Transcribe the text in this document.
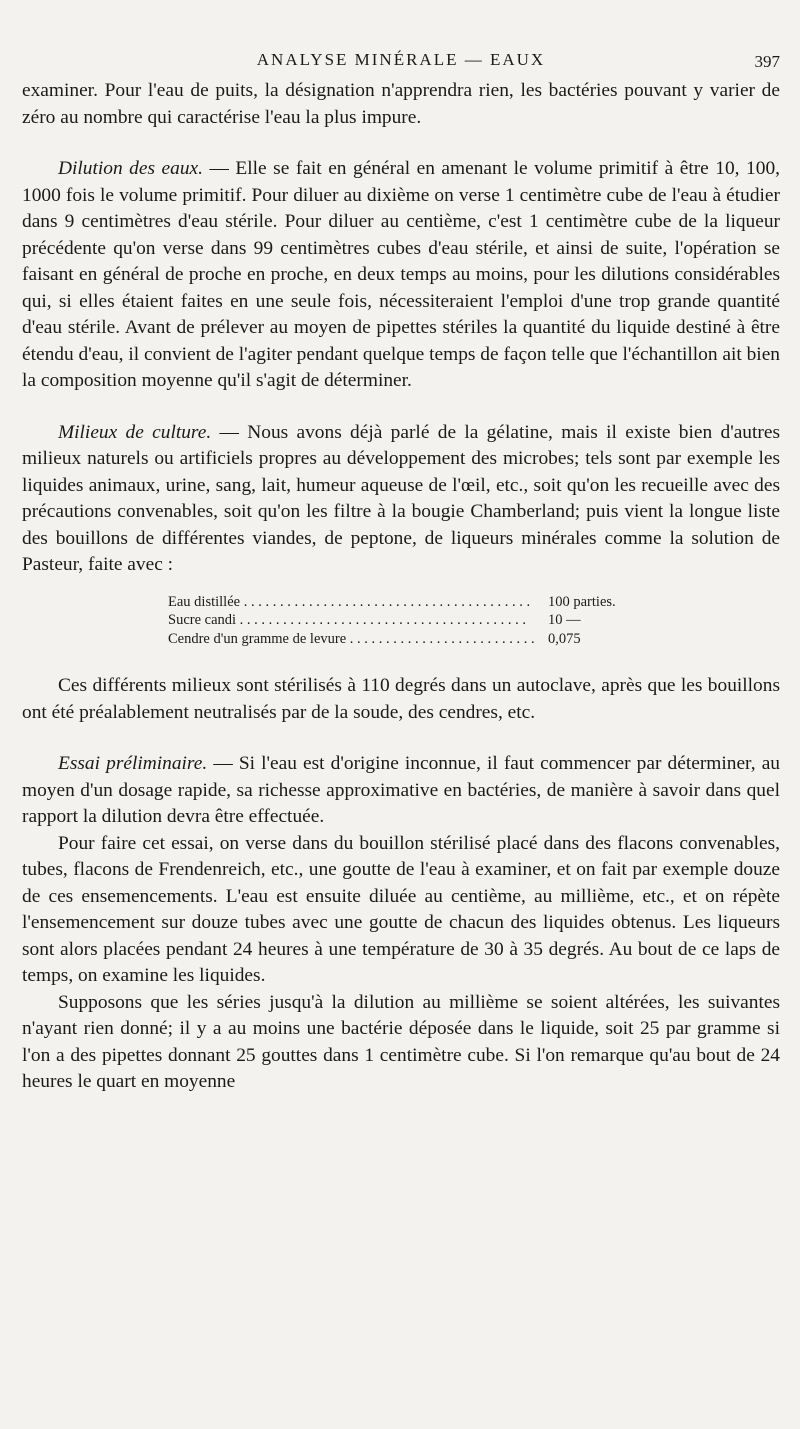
ANALYSE MINÉRALE — EAUX	397

examiner. Pour l'eau de puits, la désignation n'apprendra rien, les bactéries pouvant y varier de zéro au nombre qui caractérise l'eau la plus impure.

Dilution des eaux. — Elle se fait en général en amenant le volume primitif à être 10, 100, 1000 fois le volume primitif. Pour diluer au dixième on verse 1 centimètre cube de l'eau à étudier dans 9 centimètres d'eau stérile. Pour diluer au centième, c'est 1 centimètre cube de la liqueur précédente qu'on verse dans 99 centimètres cubes d'eau stérile, et ainsi de suite, l'opération se faisant en général de proche en proche, en deux temps au moins, pour les dilutions considérables qui, si elles étaient faites en une seule fois, nécessiteraient l'emploi d'une trop grande quantité d'eau stérile. Avant de prélever au moyen de pipettes stériles la quantité du liquide destiné à être étendu d'eau, il convient de l'agiter pendant quelque temps de façon telle que l'échantillon ait bien la composition moyenne qu'il s'agit de déterminer.

Milieux de culture. — Nous avons déjà parlé de la gélatine, mais il existe bien d'autres milieux naturels ou artificiels propres au développement des microbes; tels sont par exemple les liquides animaux, urine, sang, lait, humeur aqueuse de l'œil, etc., soit qu'on les recueille avec des précautions convenables, soit qu'on les filtre à la bougie Chamberland; puis vient la longue liste des bouillons de différentes viandes, de peptone, de liqueurs minérales comme la solution de Pasteur, faite avec :

Eau distillée . . .	100 parties.
Sucre candi . . .	10 —
Cendre d'un gramme de levure . . .	0,075

Ces différents milieux sont stérilisés à 110 degrés dans un autoclave, après que les bouillons ont été préalablement neutralisés par de la soude, des cendres, etc.

Essai préliminaire. — Si l'eau est d'origine inconnue, il faut commencer par déterminer, au moyen d'un dosage rapide, sa richesse approximative en bactéries, de manière à savoir dans quel rapport la dilution devra être effectuée.

Pour faire cet essai, on verse dans du bouillon stérilisé placé dans des flacons convenables, tubes, flacons de Frendenreich, etc., une goutte de l'eau à examiner, et on fait par exemple douze de ces ensemencements. L'eau est ensuite diluée au centième, au millième, etc., et on répète l'ensemencement sur douze tubes avec une goutte de chacun des liquides obtenus. Les liqueurs sont alors placées pendant 24 heures à une température de 30 à 35 degrés. Au bout de ce laps de temps, on examine les liquides.

Supposons que les séries jusqu'à la dilution au millième se soient altérées, les suivantes n'ayant rien donné; il y a au moins une bactérie déposée dans le liquide, soit 25 par gramme si l'on a des pipettes donnant 25 gouttes dans 1 centimètre cube. Si l'on remarque qu'au bout de 24 heures le quart en moyenne
